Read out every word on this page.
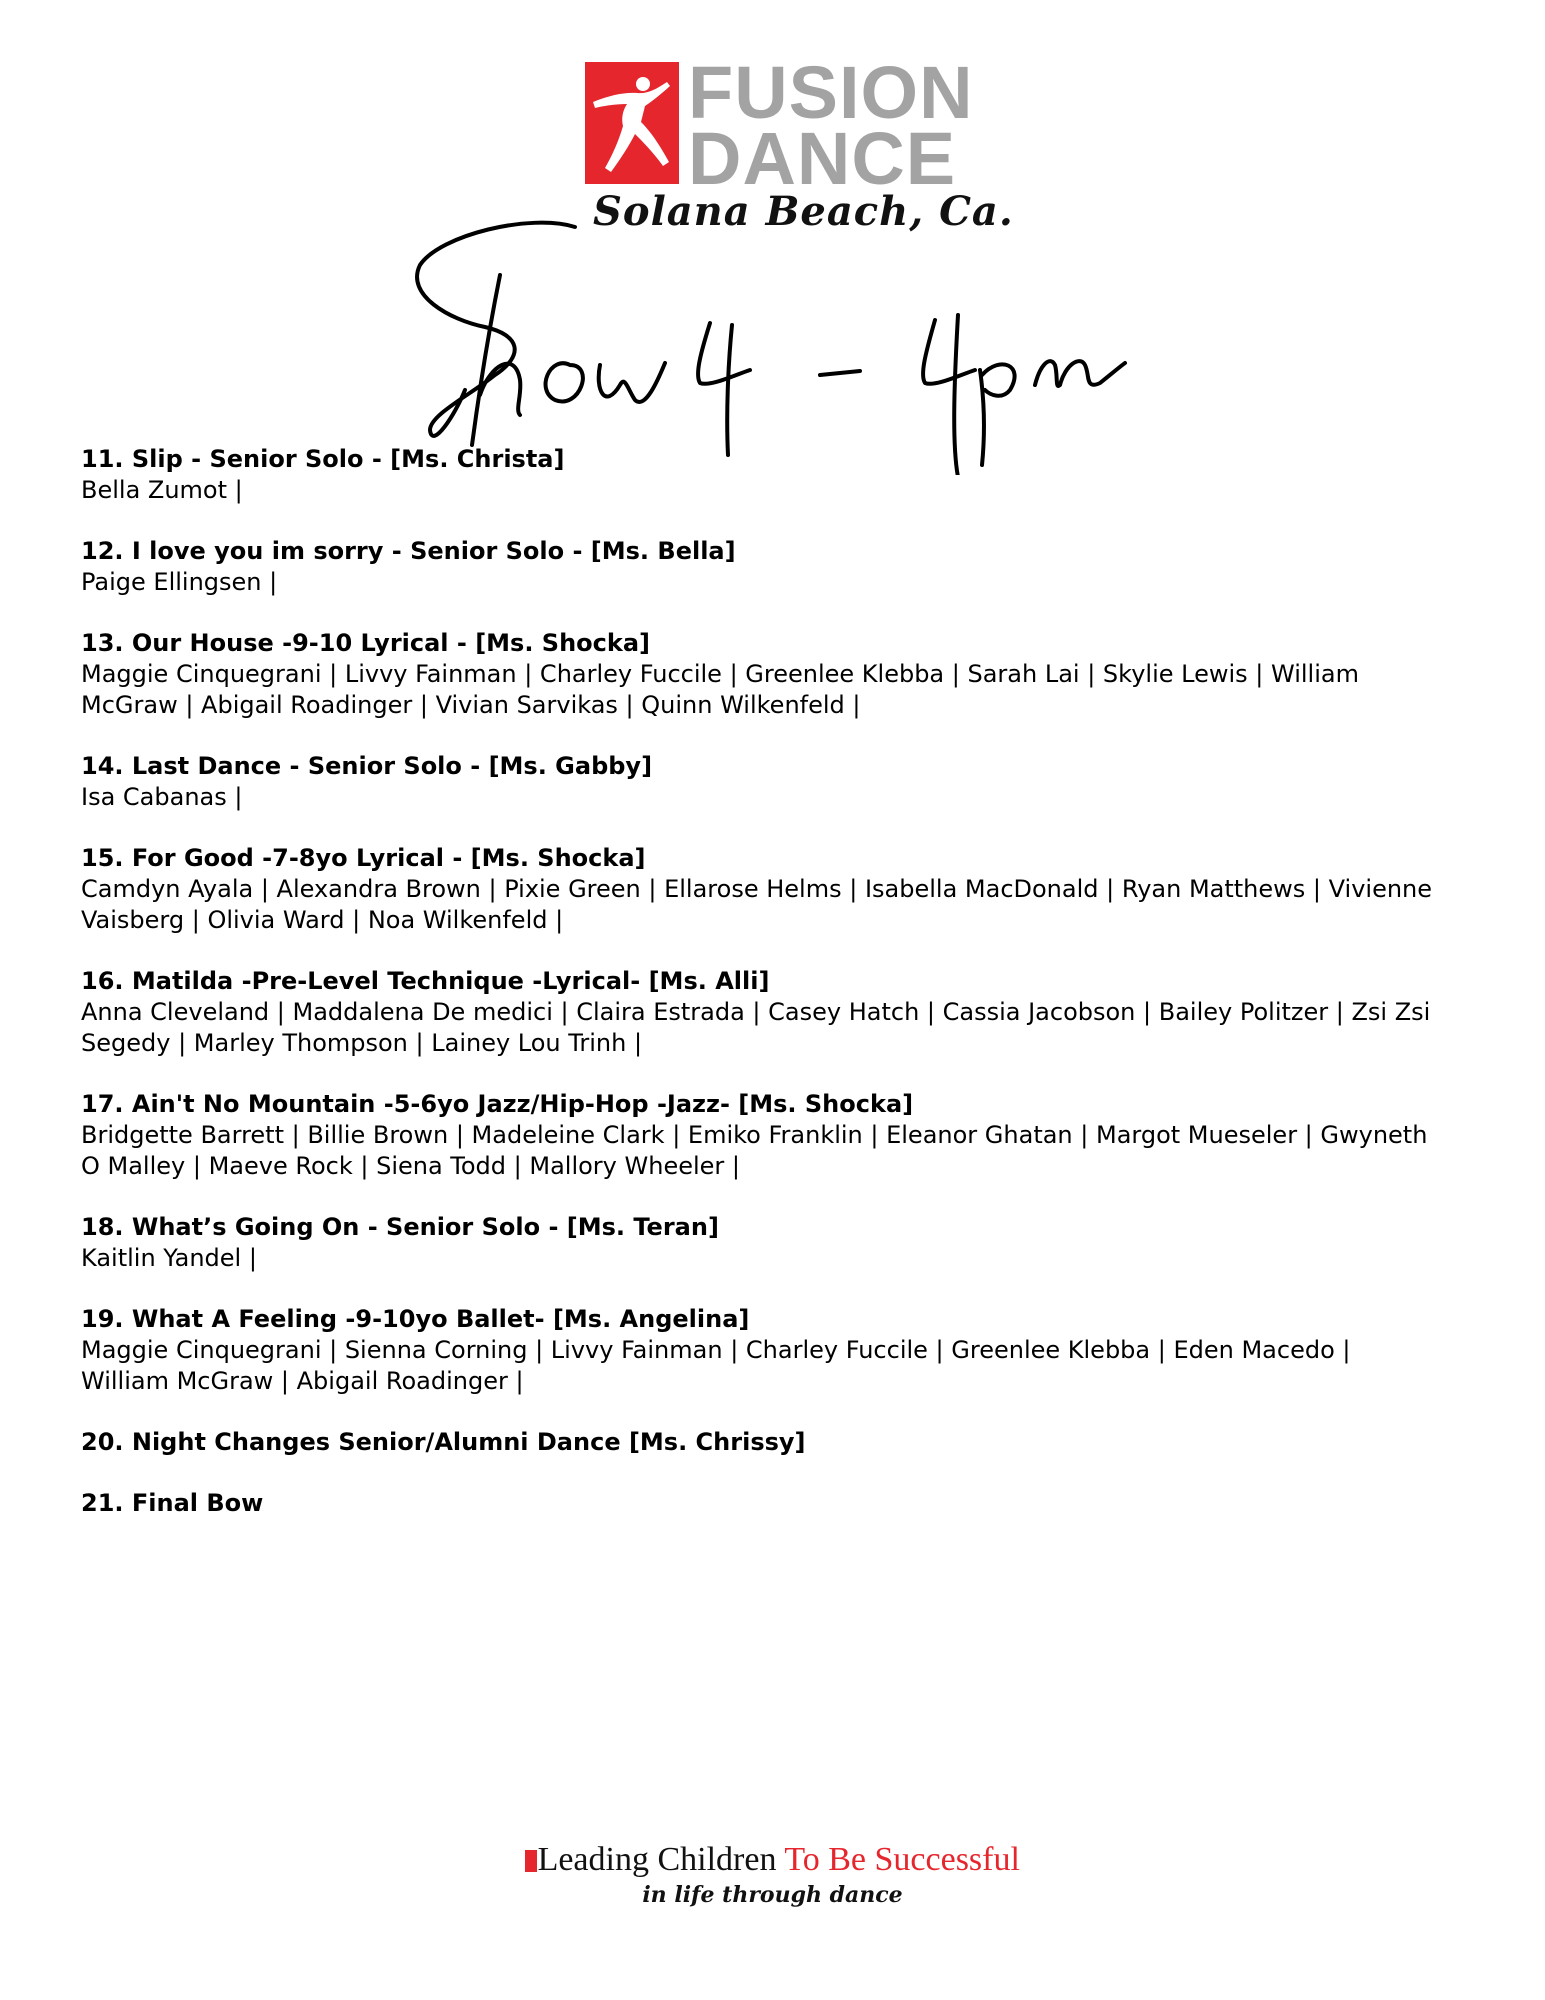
FUSION
DANCE
Solana Beach, Ca.
11. Slip - Senior Solo - [Ms. Christa]
Bella Zumot |
12. I love you im sorry - Senior Solo - [Ms. Bella]
Paige Ellingsen |
13. Our House -9-10 Lyrical - [Ms. Shocka]
Maggie Cinquegrani | Livvy Fainman | Charley Fuccile | Greenlee Klebba | Sarah Lai | Skylie Lewis | William McGraw | Abigail Roadinger | Vivian Sarvikas | Quinn Wilkenfeld |
14. Last Dance - Senior Solo - [Ms. Gabby]
Isa Cabanas |
15. For Good -7-8yo Lyrical - [Ms. Shocka]
Camdyn Ayala | Alexandra Brown | Pixie Green | Ellarose Helms | Isabella MacDonald | Ryan Matthews | Vivienne Vaisberg | Olivia Ward | Noa Wilkenfeld |
16. Matilda -Pre-Level Technique -Lyrical- [Ms. Alli]
Anna Cleveland | Maddalena De medici | Claira Estrada | Casey Hatch | Cassia Jacobson | Bailey Politzer | Zsi Zsi Segedy | Marley Thompson | Lainey Lou Trinh |
17. Ain't No Mountain -5-6yo Jazz/Hip-Hop -Jazz- [Ms. Shocka]
Bridgette Barrett | Billie Brown | Madeleine Clark | Emiko Franklin | Eleanor Ghatan | Margot Mueseler | Gwyneth O Malley | Maeve Rock | Siena Todd | Mallory Wheeler |
18. What’s Going On - Senior Solo - [Ms. Teran]
Kaitlin Yandel |
19. What A Feeling -9-10yo Ballet- [Ms. Angelina]
Maggie Cinquegrani | Sienna Corning | Livvy Fainman | Charley Fuccile | Greenlee Klebba | Eden Macedo | William McGraw | Abigail Roadinger |
20. Night Changes Senior/Alumni Dance [Ms. Chrissy]
21. Final Bow
Leading Children To Be Successful
in life through dance
